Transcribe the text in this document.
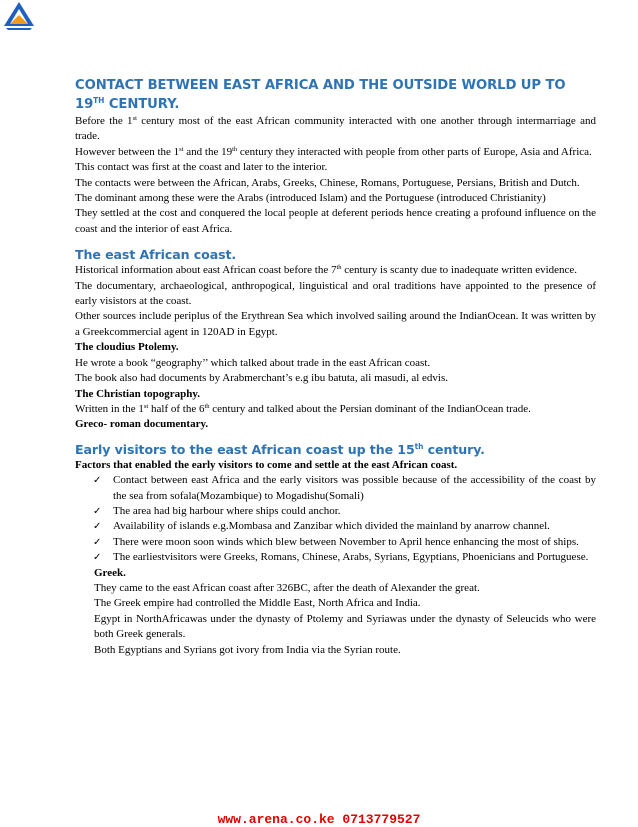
CONTACT BETWEEN EAST AFRICA AND THE OUTSIDE WORLD UP TO
19TH CENTURY.

Before the 1st century most of the east African community interacted with one another through intermarriage and trade.

However between the 1st and the 19th century they interacted with people from other parts of Europe, Asia and Africa.

This contact was first at the coast and later to the interior.

The contacts were between the African, Arabs, Greeks, Chinese, Romans, Portuguese, Persians, British and Dutch.

The dominant among these were the Arabs (introduced Islam) and the Portuguese (introduced Christianity)

They settled at the cost and conquered the local people at deferent periods hence creating a profound influence on the coast and the interior of east Africa.

The east African coast.

Historical information about east African coast before the 7th century is scanty due to inadequate written evidence.

The documentary, archaeological, anthropogical, linguistical and oral traditions have appointed to the presence of early visistors at the coast.

Other sources include periplus of the Erythrean Sea which involved sailing around the IndianOcean. It was written by a Greekcommercial agent in 120AD in Egypt.

The cloudius Ptolemy.

He wrote a book “geography’’ which talked about trade in the east African coast.

The book also had documents by Arabmerchant’s e.g ibu batuta, ali masudi, al edvis.

The Christian topography.

Written in the 1st half of the 6th century and talked about the Persian dominant of the IndianOcean trade.

Greco- roman documentary.

Early visitors to the east African coast up the 15th century.

Factors that enabled the early visitors to come and settle at the east African coast.

✓ Contact between east Africa and the early visitors was possible because of the accessibility of the coast by the sea from sofala(Mozambique) to Mogadishu(Somali)
✓ The area had big harbour where ships could anchor.
✓ Availability of islands e.g.Mombasa and Zanzibar which divided the mainland by anarrow channel.
✓ There were moon soon winds which blew between November to April hence enhancing the most of ships.
✓ The earliestvisitors were Greeks, Romans, Chinese, Arabs, Syrians, Egyptians, Phoenicians and Portuguese.

Greek.

They came to the east African coast after 326BC, after the death of Alexander the great.

The Greek empire had controlled the Middle East, North Africa and India.

Egypt in NorthAfricawas under the dynasty of Ptolemy and Syriawas under the dynasty of Seleucids who were both Greek generals.

Both Egyptians and Syrians got ivory from India via the Syrian route.

www.arena.co.ke 0713779527
